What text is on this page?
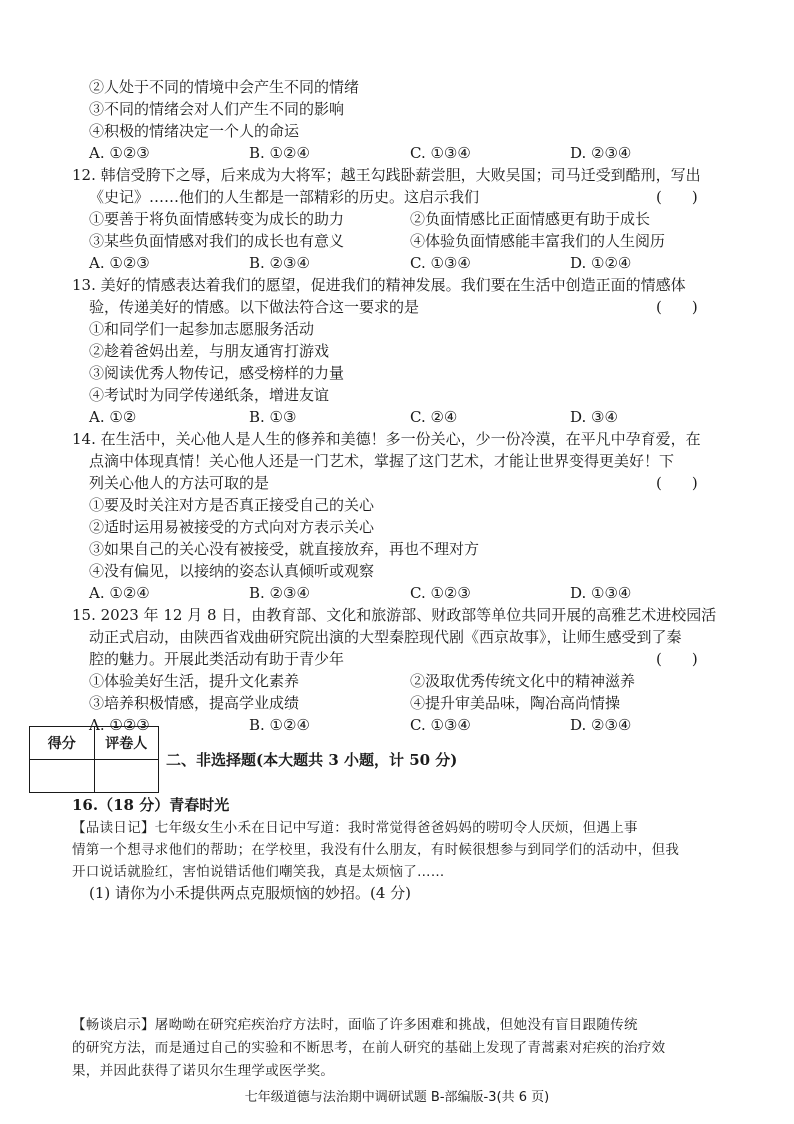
②人处于不同的情境中会产生不同的情绪
③不同的情绪会对人们产生不同的影响
④积极的情绪决定一个人的命运
A. ①②③	B. ①②④	C. ①③④	D. ②③④
12. 韩信受胯下之辱，后来成为大将军；越王勾践卧薪尝胆，大败吴国；司马迁受到酷刑，写出
《史记》……他们的人生都是一部精彩的历史。这启示我们	(　　)
①要善于将负面情感转变为成长的助力	②负面情感比正面情感更有助于成长
③某些负面情感对我们的成长也有意义	④体验负面情感能丰富我们的人生阅历
A. ①②③	B. ②③④	C. ①③④	D. ①②④
13. 美好的情感表达着我们的愿望，促进我们的精神发展。我们要在生活中创造正面的情感体
验，传递美好的情感。以下做法符合这一要求的是	(　　)
①和同学们一起参加志愿服务活动
②趁着爸妈出差，与朋友通宵打游戏
③阅读优秀人物传记，感受榜样的力量
④考试时为同学传递纸条，增进友谊
A. ①②	B. ①③	C. ②④	D. ③④
14. 在生活中，关心他人是人生的修养和美德！多一份关心，少一份冷漠，在平凡中孕育爱，在
点滴中体现真情！关心他人还是一门艺术，掌握了这门艺术，才能让世界变得更美好！下
列关心他人的方法可取的是	(　　)
①要及时关注对方是否真正接受自己的关心
②适时运用易被接受的方式向对方表示关心
③如果自己的关心没有被接受，就直接放弃，再也不理对方
④没有偏见，以接纳的姿态认真倾听或观察
A. ①②④	B. ②③④	C. ①②③	D. ①③④
15. 2023 年 12 月 8 日，由教育部、文化和旅游部、财政部等单位共同开展的高雅艺术进校园活
动正式启动，由陕西省戏曲研究院出演的大型秦腔现代剧《西京故事》，让师生感受到了秦
腔的魅力。开展此类活动有助于青少年	(　　)
①体验美好生活，提升文化素养	②汲取优秀传统文化中的精神滋养
③培养积极情感，提高学业成绩	④提升审美品味，陶冶高尚情操
A. ①②③	B. ①②④	C. ①③④	D. ②③④
得分	评卷人

二、非选择题(本大题共 3 小题，计 50 分)
16.（18 分）青春时光
【品读日记】七年级女生小禾在日记中写道：我时常觉得爸爸妈妈的唠叨令人厌烦，但遇上事
情第一个想寻求他们的帮助；在学校里，我没有什么朋友，有时候很想参与到同学们的活动中，但我
开口说话就脸红，害怕说错话他们嘲笑我，真是太烦恼了……
(1) 请你为小禾提供两点克服烦恼的妙招。(4 分)
【畅谈启示】屠呦呦在研究疟疾治疗方法时，面临了许多困难和挑战，但她没有盲目跟随传统
的研究方法，而是通过自己的实验和不断思考，在前人研究的基础上发现了青蒿素对疟疾的治疗效
果，并因此获得了诺贝尔生理学或医学奖。
七年级道德与法治期中调研试题 B-部编版-3(共 6 页)
